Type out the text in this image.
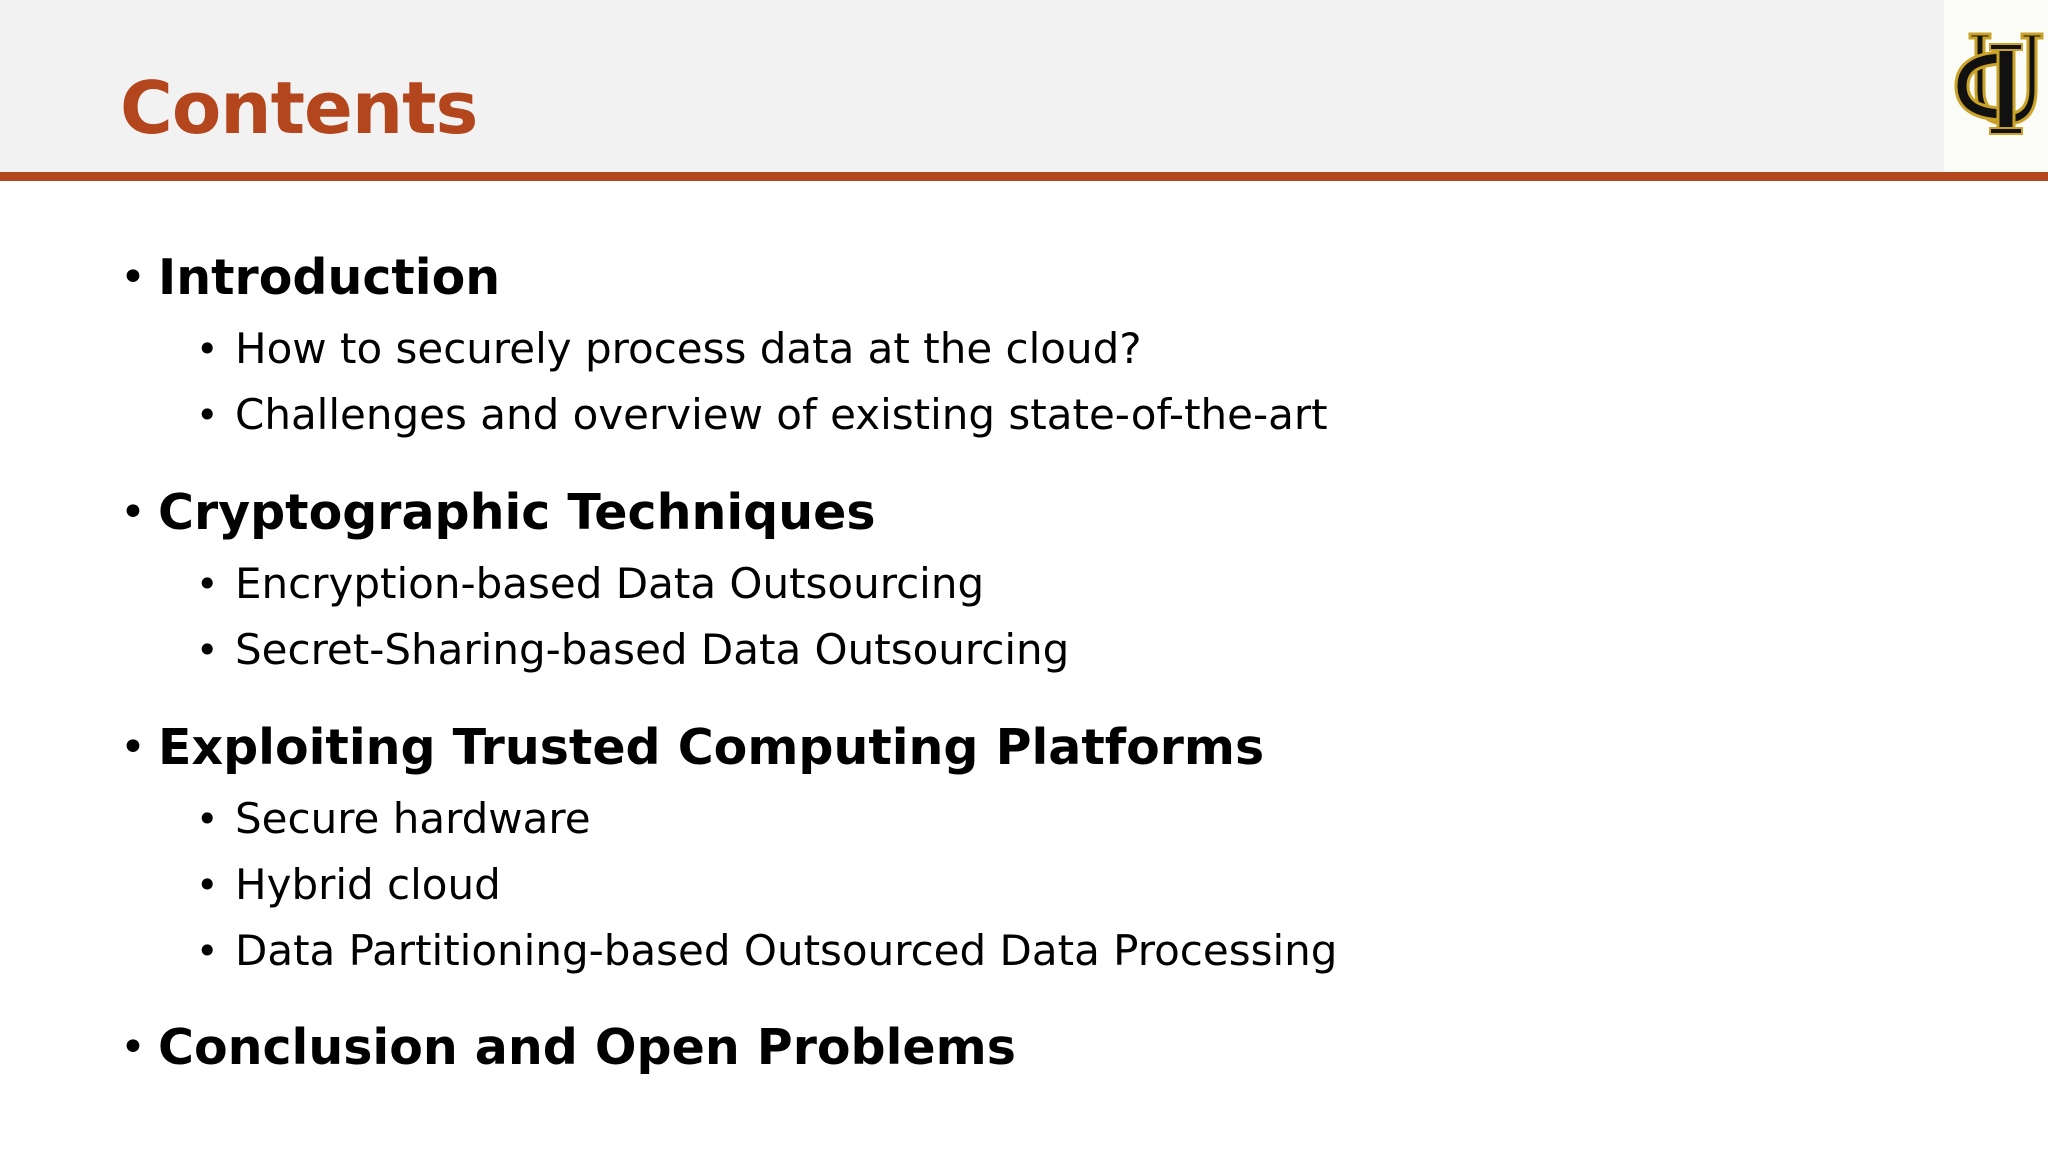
Contents
• Introduction
• How to securely process data at the cloud?
• Challenges and overview of existing state-of-the-art
• Cryptographic Techniques
• Encryption-based Data Outsourcing
• Secret-Sharing-based Data Outsourcing
• Exploiting Trusted Computing Platforms
• Secure hardware
• Hybrid cloud
• Data Partitioning-based Outsourced Data Processing
• Conclusion and Open Problems
